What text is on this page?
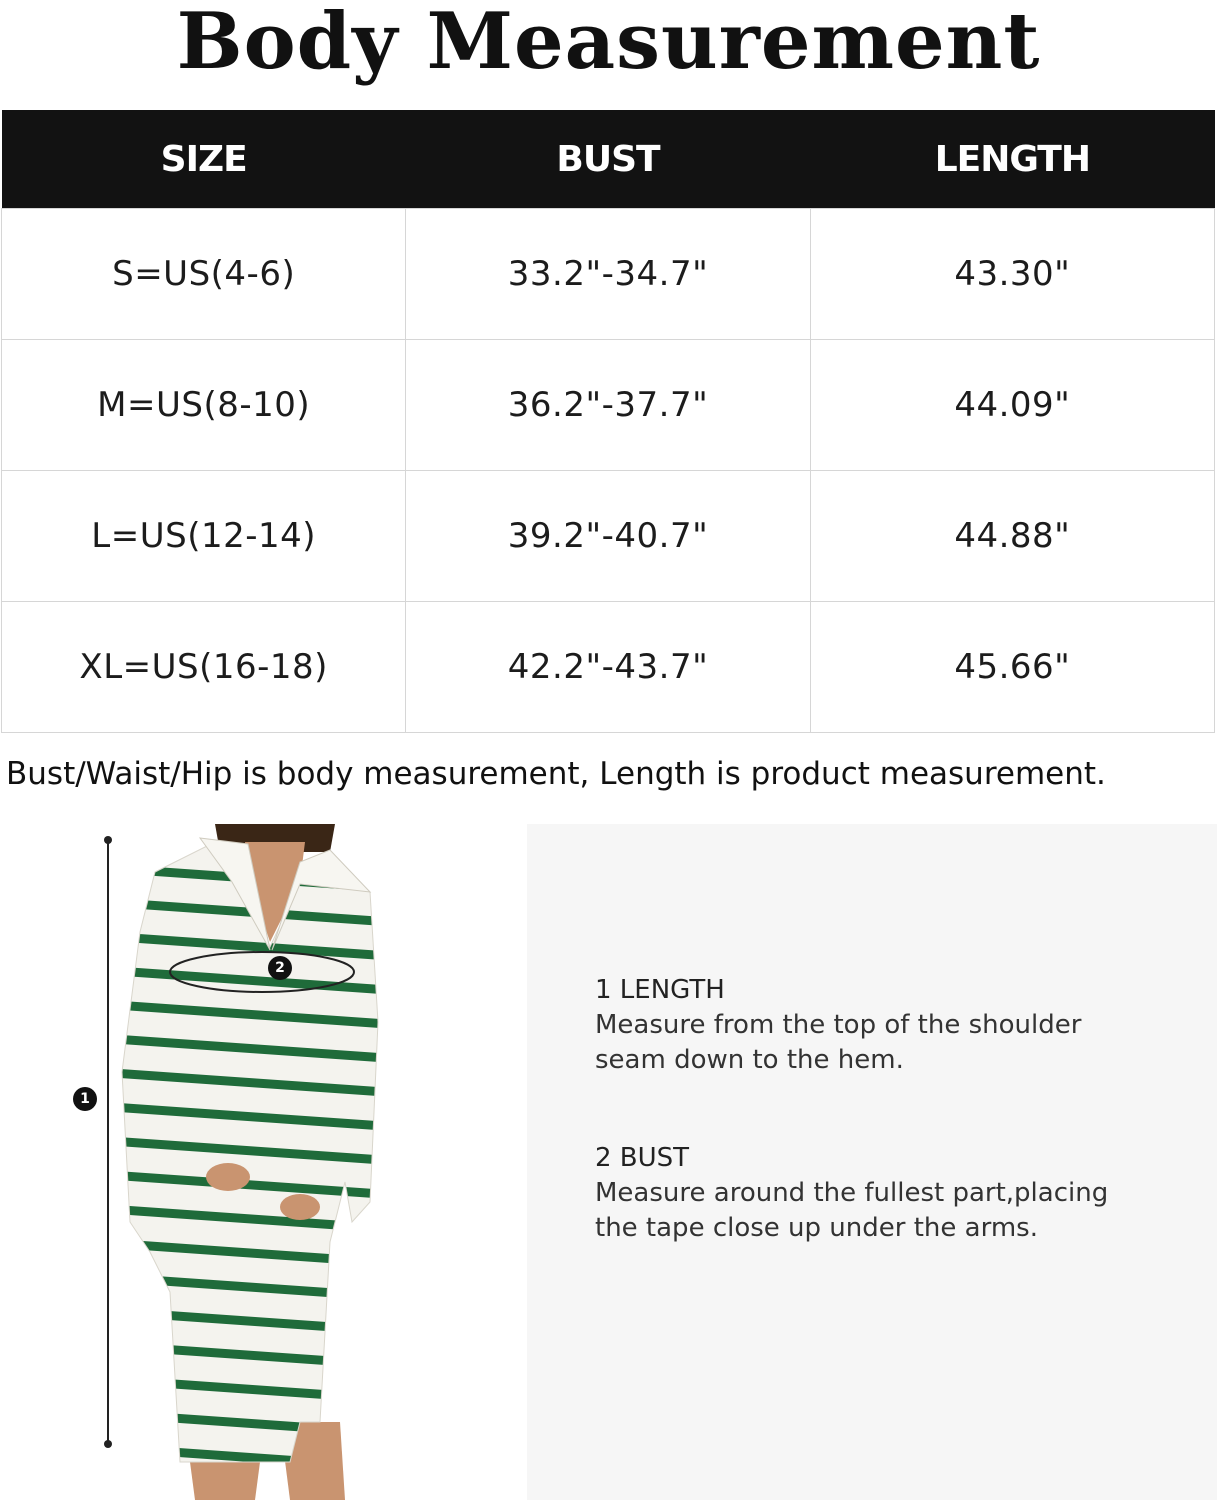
Body Measurement
SIZE	BUST	LENGTH
S=US(4-6)	33.2"-34.7"	43.30"
M=US(8-10)	36.2"-37.7"	44.09"
L=US(12-14)	39.2"-40.7"	44.88"
XL=US(16-18)	42.2"-43.7"	45.66"
Bust/Waist/Hip is body measurement, Length is product measurement.
1
2
1 LENGTH
Measure from the top of the shoulder
seam down to the hem.
2 BUST
Measure around the fullest part,placing
the tape close up under the arms.
